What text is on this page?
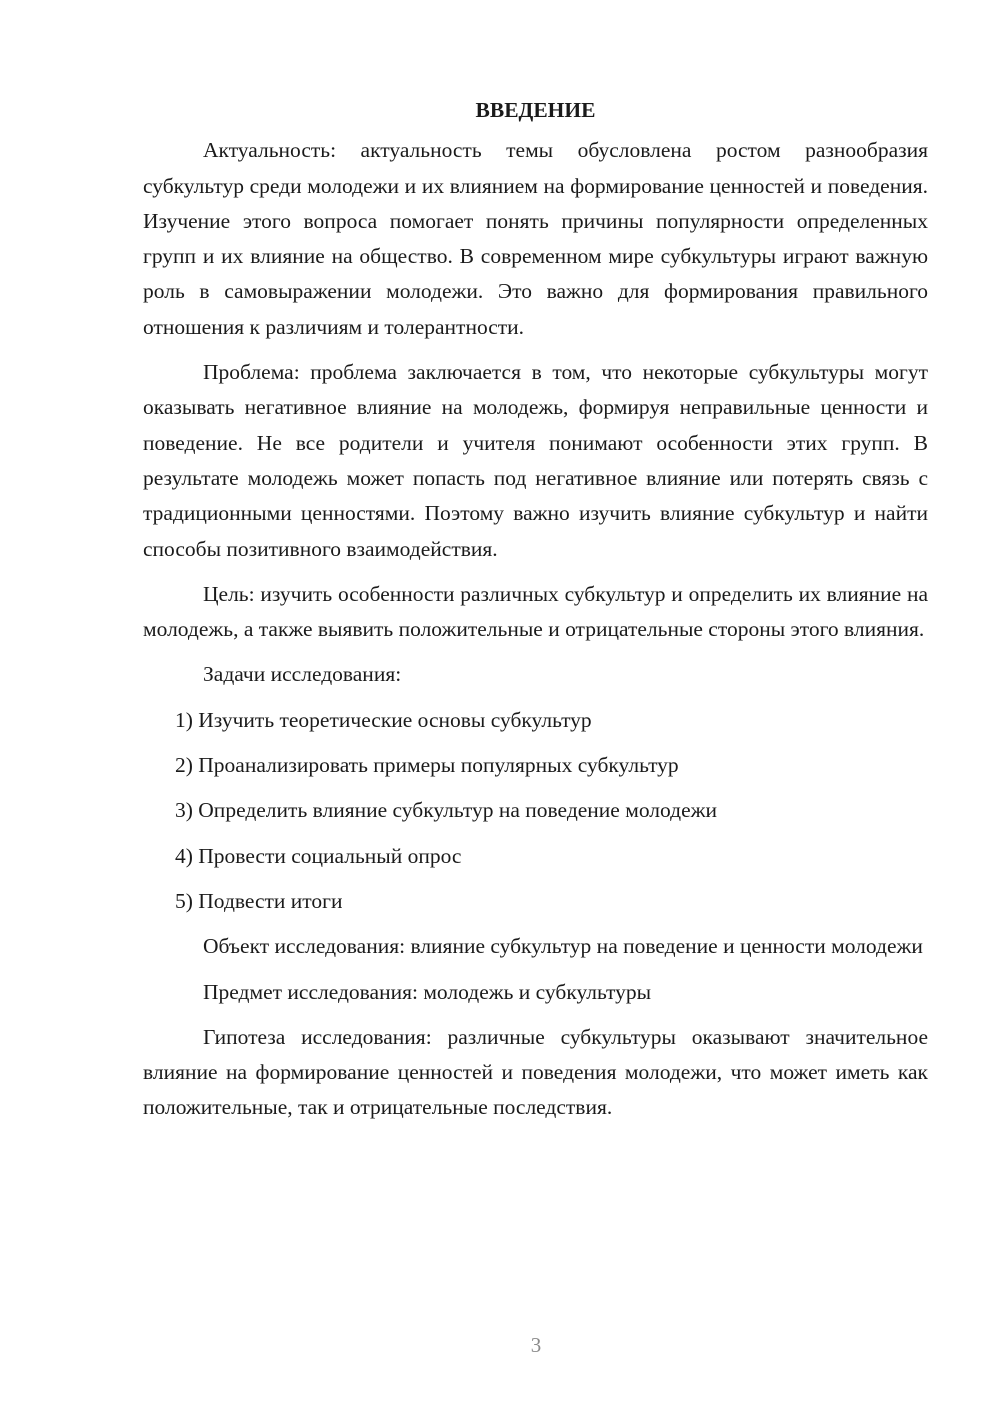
ВВЕДЕНИЕ

Актуальность: актуальность темы обусловлена ростом разнообразия субкультур среди молодежи и их влиянием на формирование ценностей и поведения. Изучение этого вопроса помогает понять причины популярности определенных групп и их влияние на общество. В современном мире субкультуры играют важную роль в самовыражении молодежи. Это важно для формирования правильного отношения к различиям и толерантности.

Проблема: проблема заключается в том, что некоторые субкультуры могут оказывать негативное влияние на молодежь, формируя неправильные ценности и поведение. Не все родители и учителя понимают особенности этих групп. В результате молодежь может попасть под негативное влияние или потерять связь с традиционными ценностями. Поэтому важно изучить влияние субкультур и найти способы позитивного взаимодействия.

Цель: изучить особенности различных субкультур и определить их влияние на молодежь, а также выявить положительные и отрицательные стороны этого влияния.

Задачи исследования:

1) Изучить теоретические основы субкультур
2) Проанализировать примеры популярных субкультур
3) Определить влияние субкультур на поведение молодежи
4) Провести социальный опрос
5) Подвести итоги

Объект исследования: влияние субкультур на поведение и ценности молодежи

Предмет исследования: молодежь и субкультуры

Гипотеза исследования: различные субкультуры оказывают значительное влияние на формирование ценностей и поведения молодежи, что может иметь как положительные, так и отрицательные последствия.

3
